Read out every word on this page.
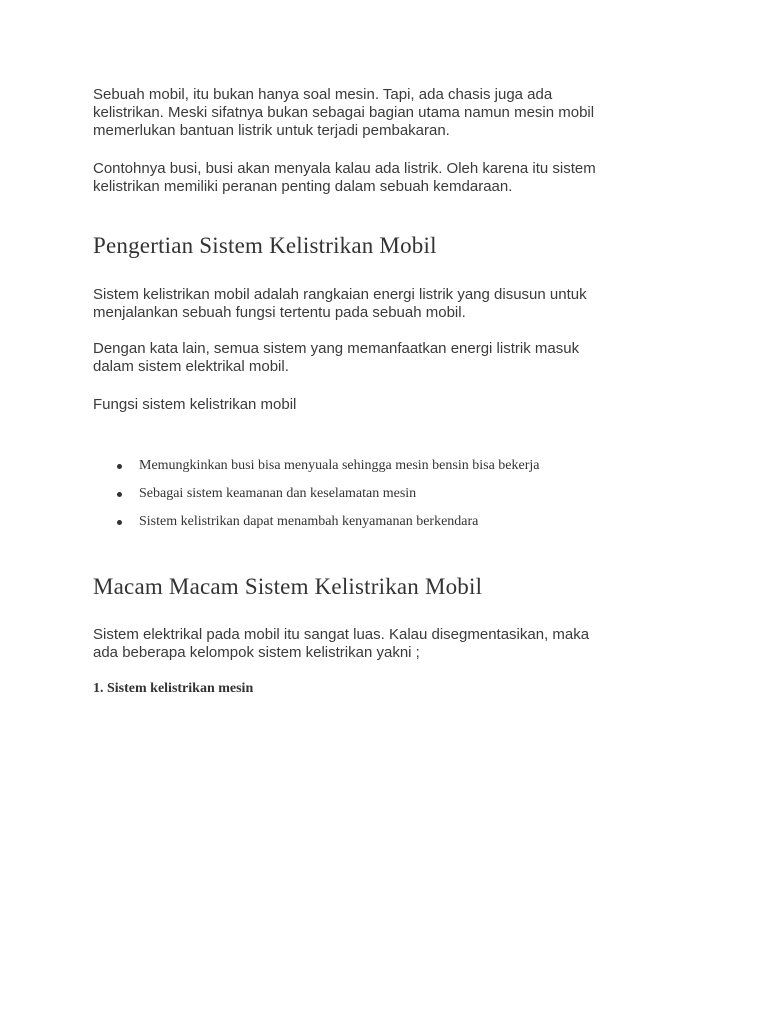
Sebuah mobil, itu bukan hanya soal mesin. Tapi, ada chasis juga ada
kelistrikan. Meski sifatnya bukan sebagai bagian utama namun mesin mobil
memerlukan bantuan listrik untuk terjadi pembakaran.

Contohnya busi, busi akan menyala kalau ada listrik. Oleh karena itu sistem
kelistrikan memiliki peranan penting dalam sebuah kemdaraan.

Pengertian Sistem Kelistrikan Mobil

Sistem kelistrikan mobil adalah rangkaian energi listrik yang disusun untuk
menjalankan sebuah fungsi tertentu pada sebuah mobil.

Dengan kata lain, semua sistem yang memanfaatkan energi listrik masuk
dalam sistem elektrikal mobil.

Fungsi sistem kelistrikan mobil

Memungkinkan busi bisa menyuala sehingga mesin bensin bisa bekerja
Sebagai sistem keamanan dan keselamatan mesin
Sistem kelistrikan dapat menambah kenyamanan berkendara
Macam Macam Sistem Kelistrikan Mobil

Sistem elektrikal pada mobil itu sangat luas. Kalau disegmentasikan, maka
ada beberapa kelompok sistem kelistrikan yakni ;

1. Sistem kelistrikan mesin
